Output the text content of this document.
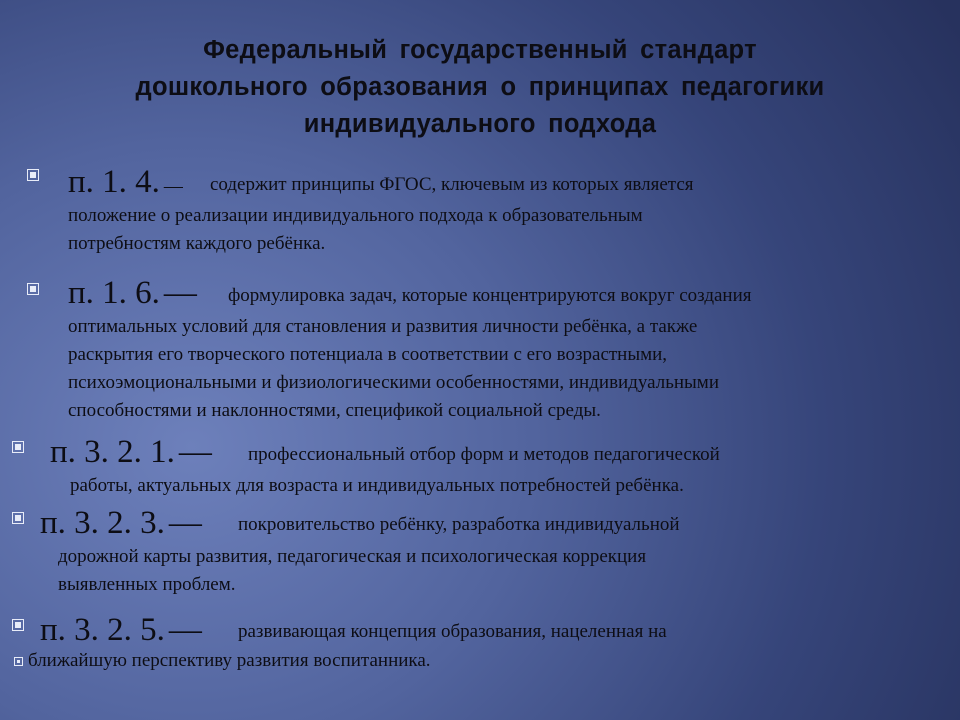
Федеральный государственный стандарт
дошкольного образования о принципах педагогики
индивидуального подхода
п. 1. 4. — содержит принципы ФГОС, ключевым из которых является
положение о реализации индивидуального подхода к образовательным
потребностям каждого ребёнка.
п. 1. 6. — формулировка задач, которые концентрируются вокруг создания
оптимальных условий для становления и развития личности ребёнка, а также
раскрытия его творческого потенциала в соответствии с его возрастными,
психоэмоциональными и физиологическими особенностями, индивидуальными
способностями и наклонностями, спецификой социальной среды.
п. 3. 2. 1. — профессиональный отбор форм и методов педагогической
работы, актуальных для возраста и индивидуальных потребностей ребёнка.
п. 3. 2. 3. — покровительство ребёнку, разработка индивидуальной
дорожной карты развития, педагогическая и психологическая коррекция
выявленных проблем.
п. 3. 2. 5. — развивающая концепция образования, нацеленная на
ближайшую перспективу развития воспитанника.
